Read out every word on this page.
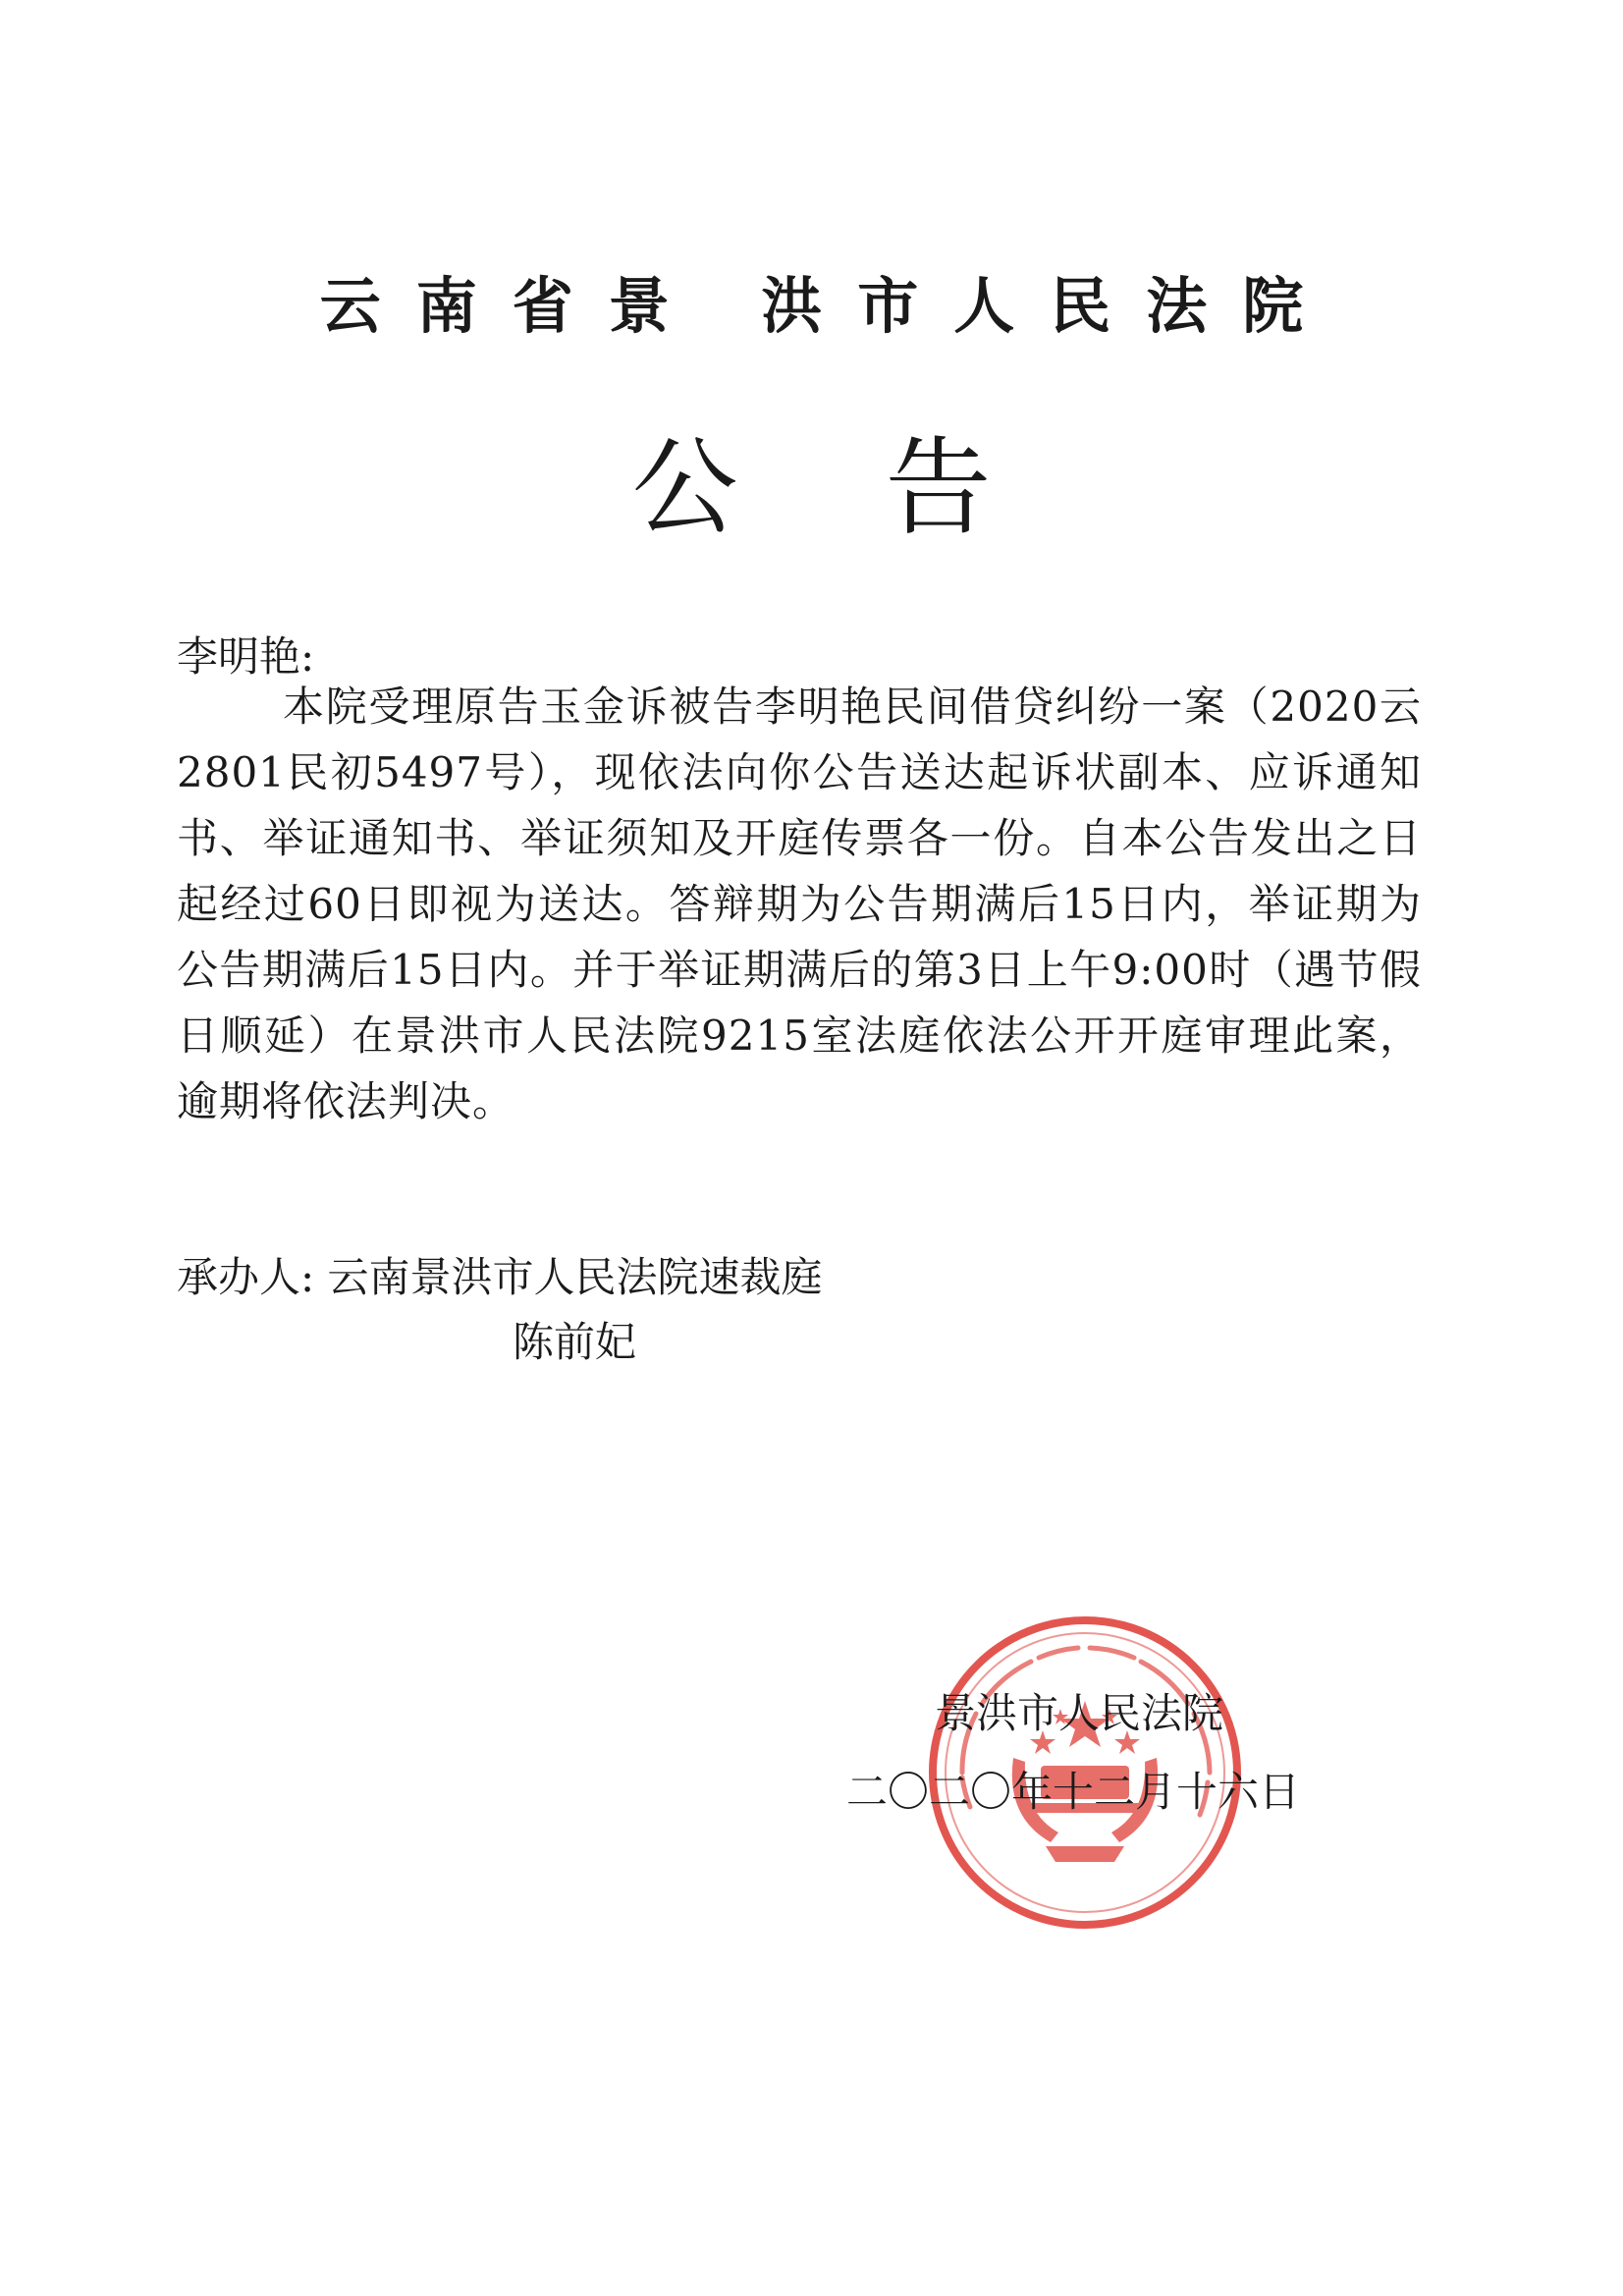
云南省景 洪市人民法院
公告
李明艳:
本院受理原告玉金诉被告李明艳民间借贷纠纷一案（2020云2801民初5497号），现依法向你公告送达起诉状副本、应诉通知书、举证通知书、举证须知及开庭传票各一份。自本公告发出之日起经过60日即视为送达。答辩期为公告期满后15日内，举证期为公告期满后15日内。并于举证期满后的第3日上午9:00时（遇节假日顺延）在景洪市人民法院9215室法庭依法公开开庭审理此案，逾期将依法判决。
承办人: 云南景洪市人民法院速裁庭
陈前妃
景洪市人民法院
二〇二〇年十二月十六日
